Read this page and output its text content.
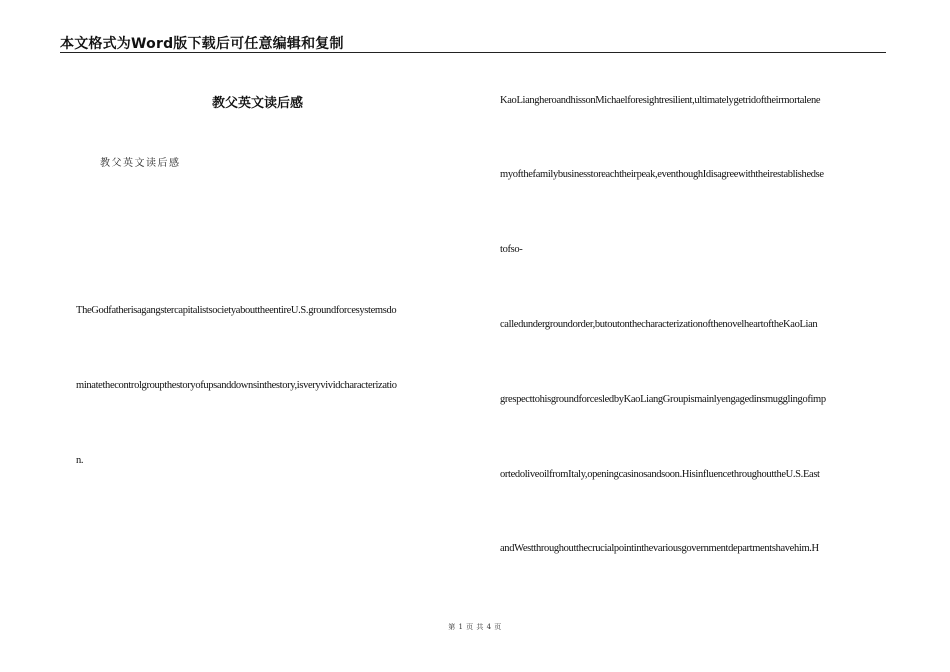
本文格式为Word版下载后可任意编辑和复制
教父英文读后感
教父英文读后感
TheGodfatherisagangstercapitalistsocietyabouttheentireU.S.groundforcesystemsdo
minatethecontrolgroupthestoryofupsanddownsinthestory,isveryvividcharacterizatio
n.
KaoLiangheroandhissonMichaelforesightresilient,ultimatelygetridoftheirmortalene
myofthefamilybusinesstoreachtheirpeak,eventhoughIdisagreewiththeirestablishedse
tofso-
calledundergroundorder,butoutonthecharacterizationofthenovelheartoftheKaoLian
grespecttohisgroundforcesledbyKaoLiangGroupismainlyengagedinsmugglingofimp
ortedoliveoilfromItaly,openingcasinosandsoon.HisinfluencethroughouttheU.S.East
andWestthroughoutthecrucialpointinthevariousgovernmentdepartmentshavehim.H
第 1 页 共 4 页
